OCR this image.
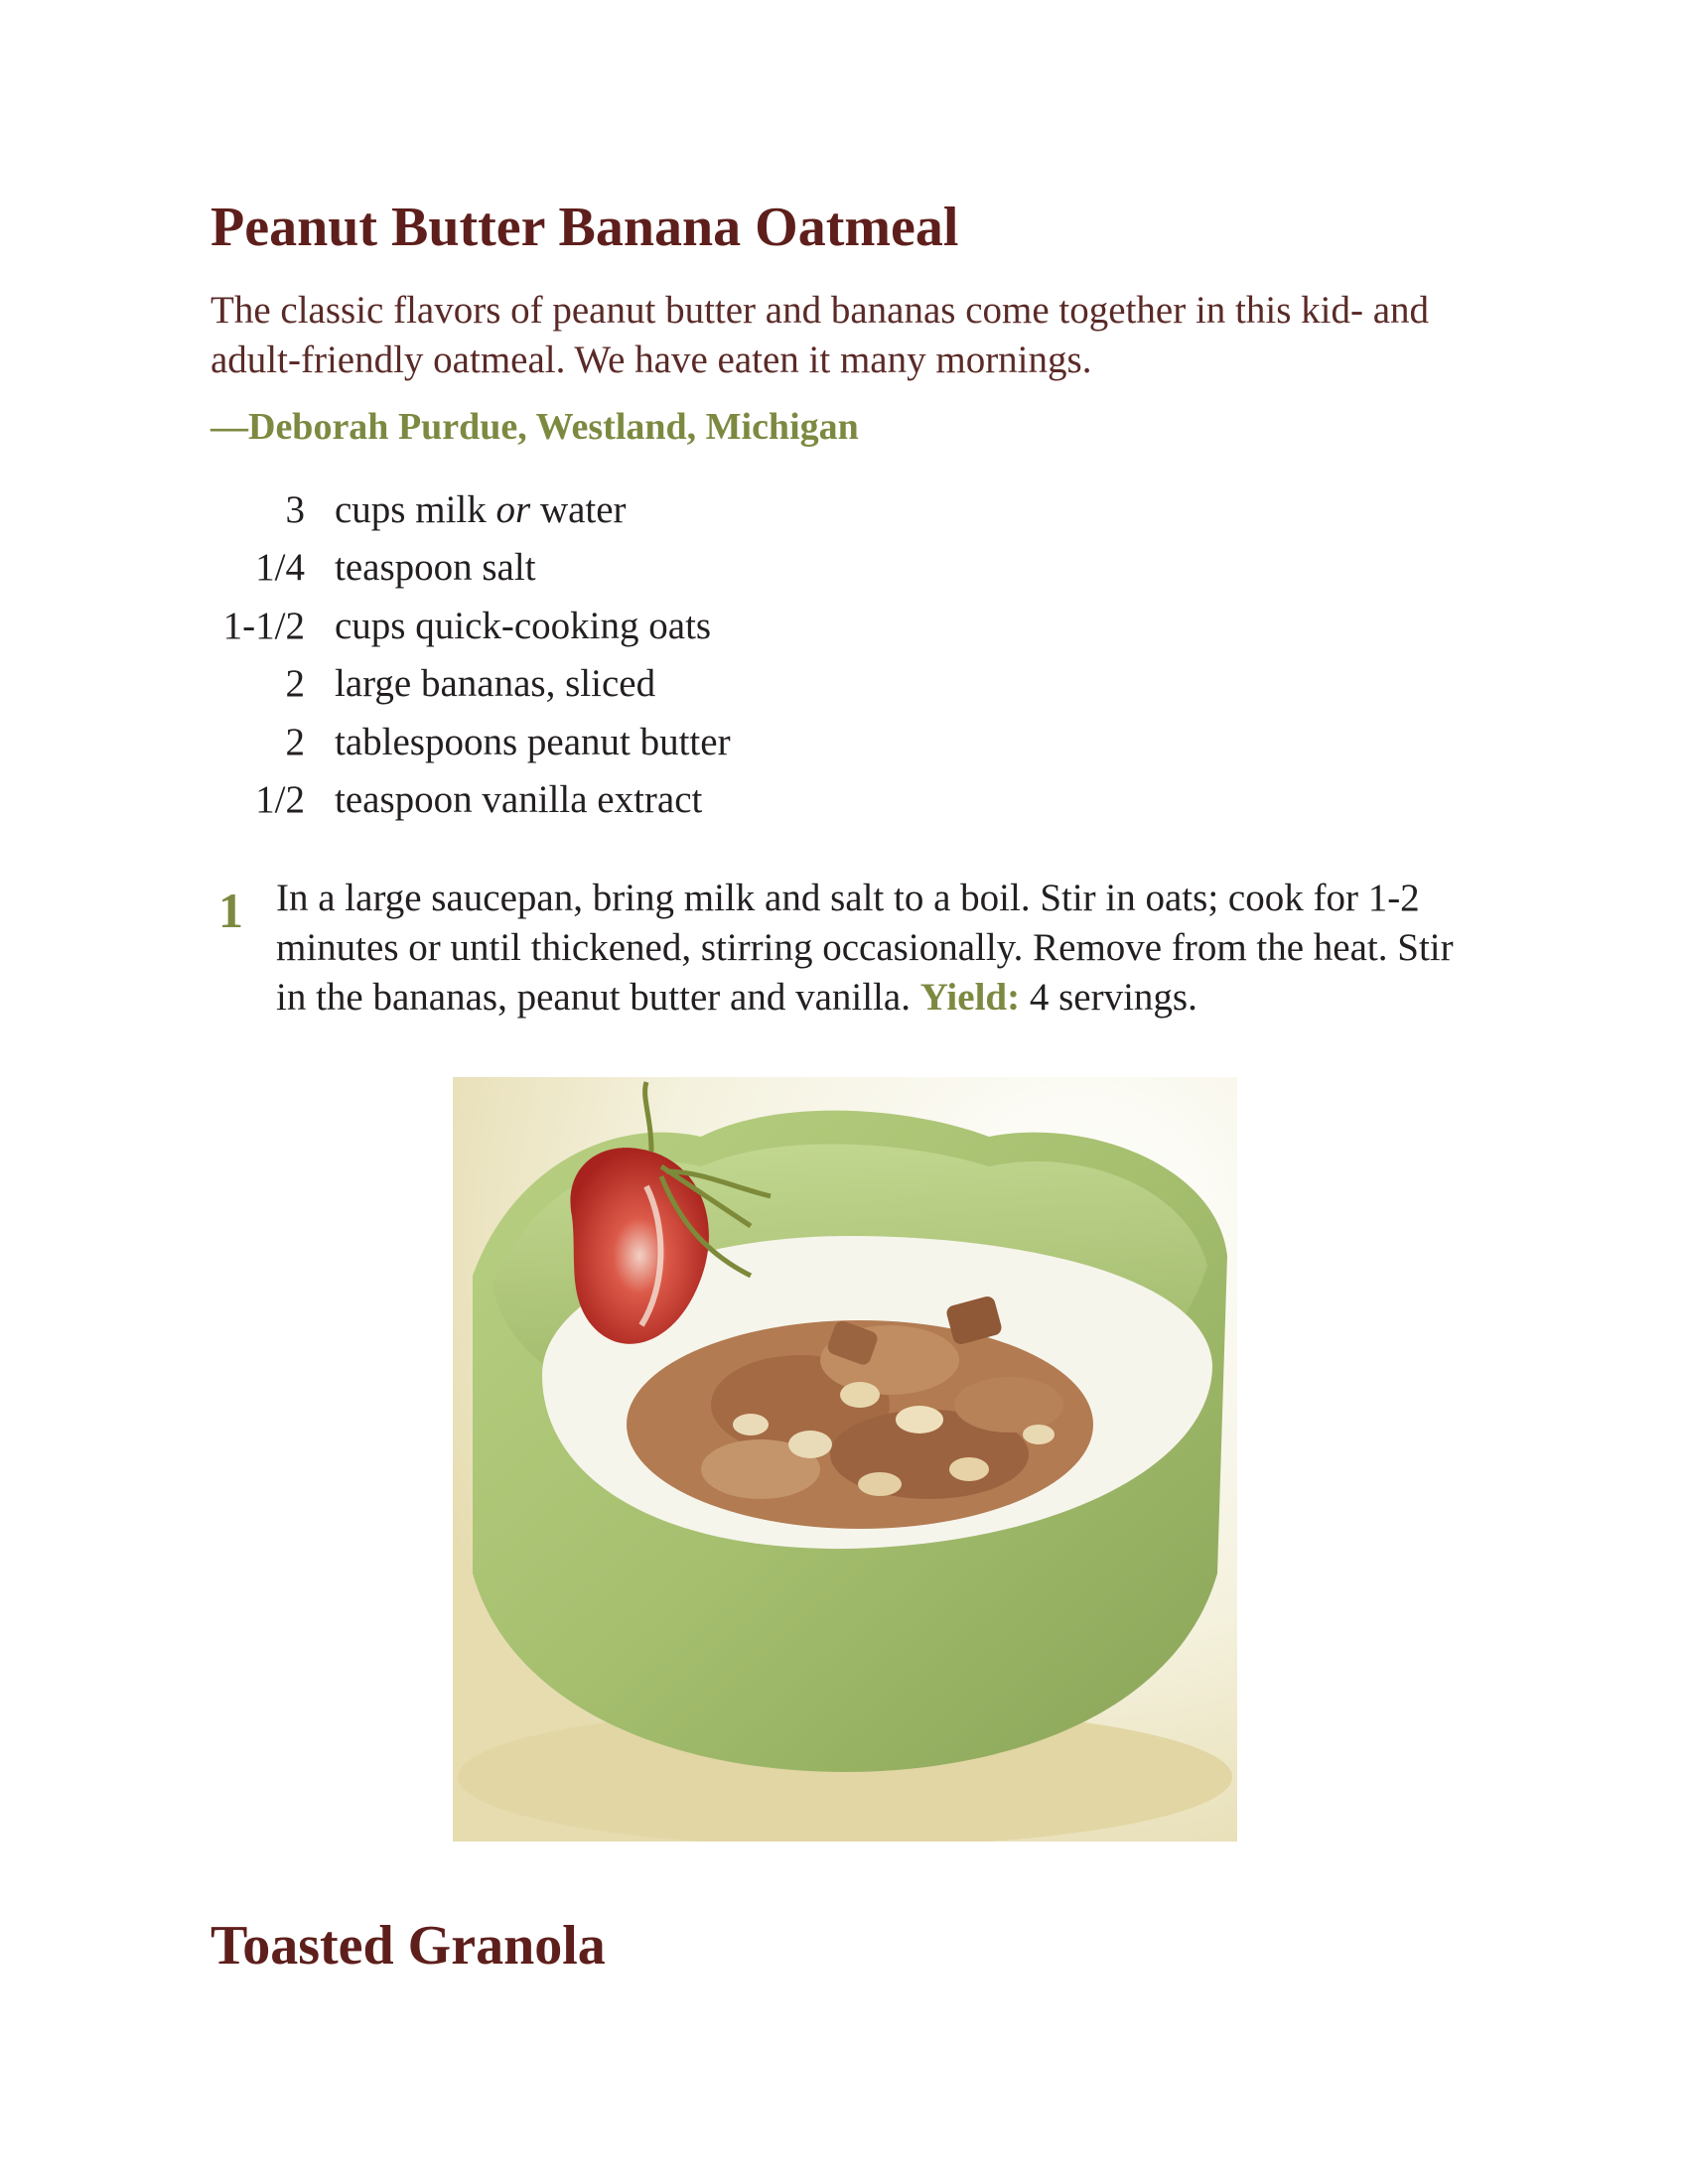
Peanut Butter Banana Oatmeal

The classic flavors of peanut butter and bananas come together in this kid- and adult-friendly oatmeal. We have eaten it many mornings.

—Deborah Purdue, Westland, Michigan

3 cups milk or water
1/4 teaspoon salt
1-1/2 cups quick-cooking oats
2 large bananas, sliced
2 tablespoons peanut butter
1/2 teaspoon vanilla extract
1 In a large saucepan, bring milk and salt to a boil. Stir in oats; cook for 1-2 minutes or until thickened, stirring occasionally. Remove from the heat. Stir in the bananas, peanut butter and vanilla. Yield: 4 servings.

Toasted Granola
